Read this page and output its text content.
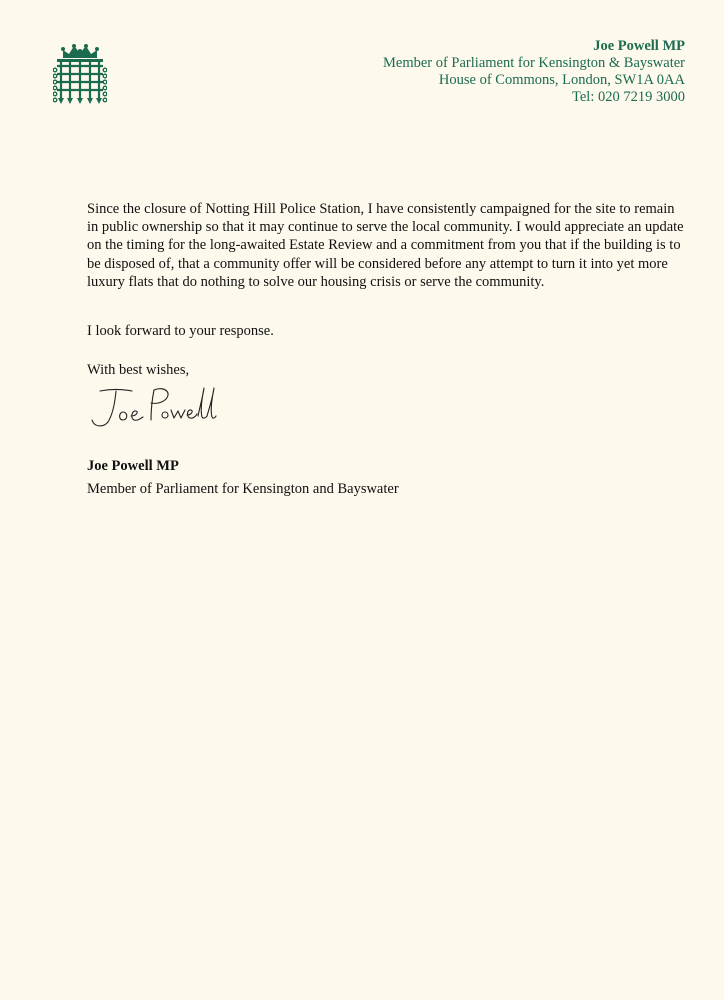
Joe Powell MP
Member of Parliament for Kensington & Bayswater
House of Commons, London, SW1A 0AA
Tel: 020 7219 3000

Since the closure of Notting Hill Police Station, I have consistently campaigned for the site to remain in public ownership so that it may continue to serve the local community. I would appreciate an update on the timing for the long-awaited Estate Review and a commitment from you that if the building is to be disposed of, that a community offer will be considered before any attempt to turn it into yet more luxury flats that do nothing to solve our housing crisis or serve the community.

I look forward to your response.

With best wishes,

Joe Powell MP

Member of Parliament for Kensington and Bayswater
